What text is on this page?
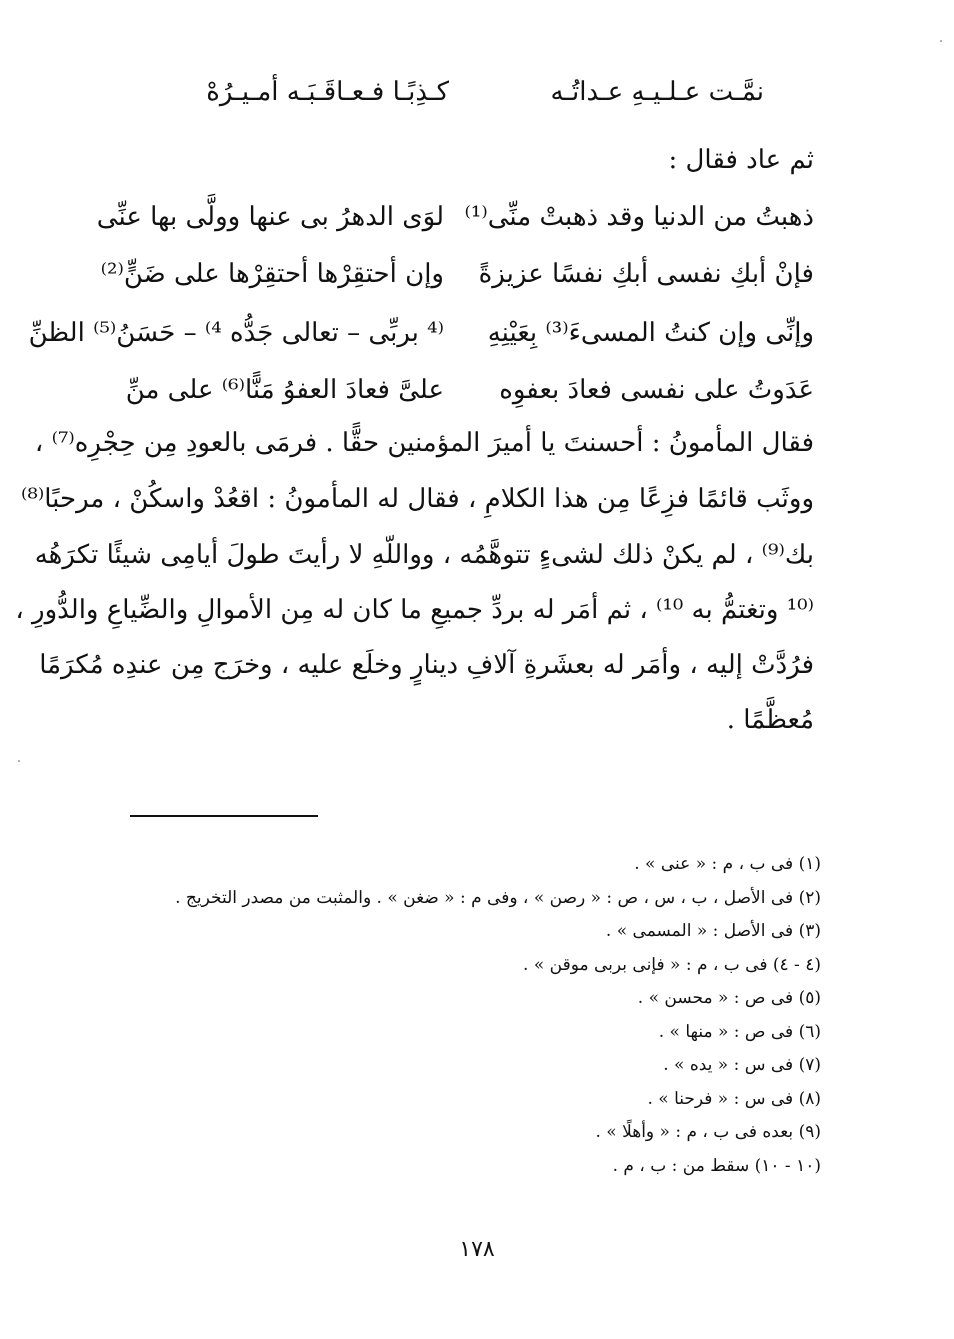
نمَّـت عـلـيـهِ عـداتُـه
كـذِبًـا فـعـاقَـبَـه أمـيـرُهْ
ثم عاد فقال :
ذهبتُ من الدنيا وقد ذهبتْ منِّى⁽¹⁾
لوَى الدهرُ بى عنها وولَّى بها عنِّى
فإنْ أبكِ نفسى أبكِ نفسًا عزيزةً
وإن أحتقِرْها أحتقِرْها على ضَنٍّ⁽²⁾
وإنِّى وإن كنتُ المسىءَ⁽³⁾ بِعَيْنِهِ
⁽⁴ بربِّى – تعالى جَدُّه ⁴⁾ – حَسَنُ⁽⁵⁾ الظنِّ
عَدَوتُ على نفسى فعادَ بعفوِه
علىَّ فعادَ العفوُ مَنًّا⁽⁶⁾ على منِّ
فقال المأمونُ : أحسنتَ يا أميرَ المؤمنين حقًّا . فرمَى بالعودِ مِن حِجْرِه⁽⁷⁾ ،
ووثَب قائمًا فزِعًا مِن هذا الكلامِ ، فقال له المأمونُ : اقعُدْ واسكُنْ ، مرحبًا⁽⁸⁾
بك⁽⁹⁾ ، لم يكنْ ذلك لشىءٍ تتوهَّمُه ، وواللّهِ لا رأيتَ طولَ أيامِى شيئًا تكرَهُه
⁽¹⁰ وتغتمُّ به ¹⁰⁾ ، ثم أمَر له بردِّ جميعِ ما كان له مِن الأموالِ والضِّياعِ والدُّورِ ،
فرُدَّتْ إليه ، وأمَر له بعشَرةِ آلافِ دينارٍ وخلَع عليه ، وخرَج مِن عندِه مُكرَمًا
مُعظَّمًا .
(١) فى ب ، م : « عنى » .
(٢) فى الأصل ، ب ، س ، ص : « رصن » ، وفى م : « ضغن » . والمثبت من مصدر التخريج .
(٣) فى الأصل : « المسمى » .
(٤ - ٤) فى ب ، م : « فإنى بربى موقن » .
(٥) فى ص : « محسن » .
(٦) فى ص : « منها » .
(٧) فى س : « يده » .
(٨) فى س : « فرحنا » .
(٩) بعده فى ب ، م : « وأهلًا » .
(١٠ - ١٠) سقط من : ب ، م .
١٧٨
